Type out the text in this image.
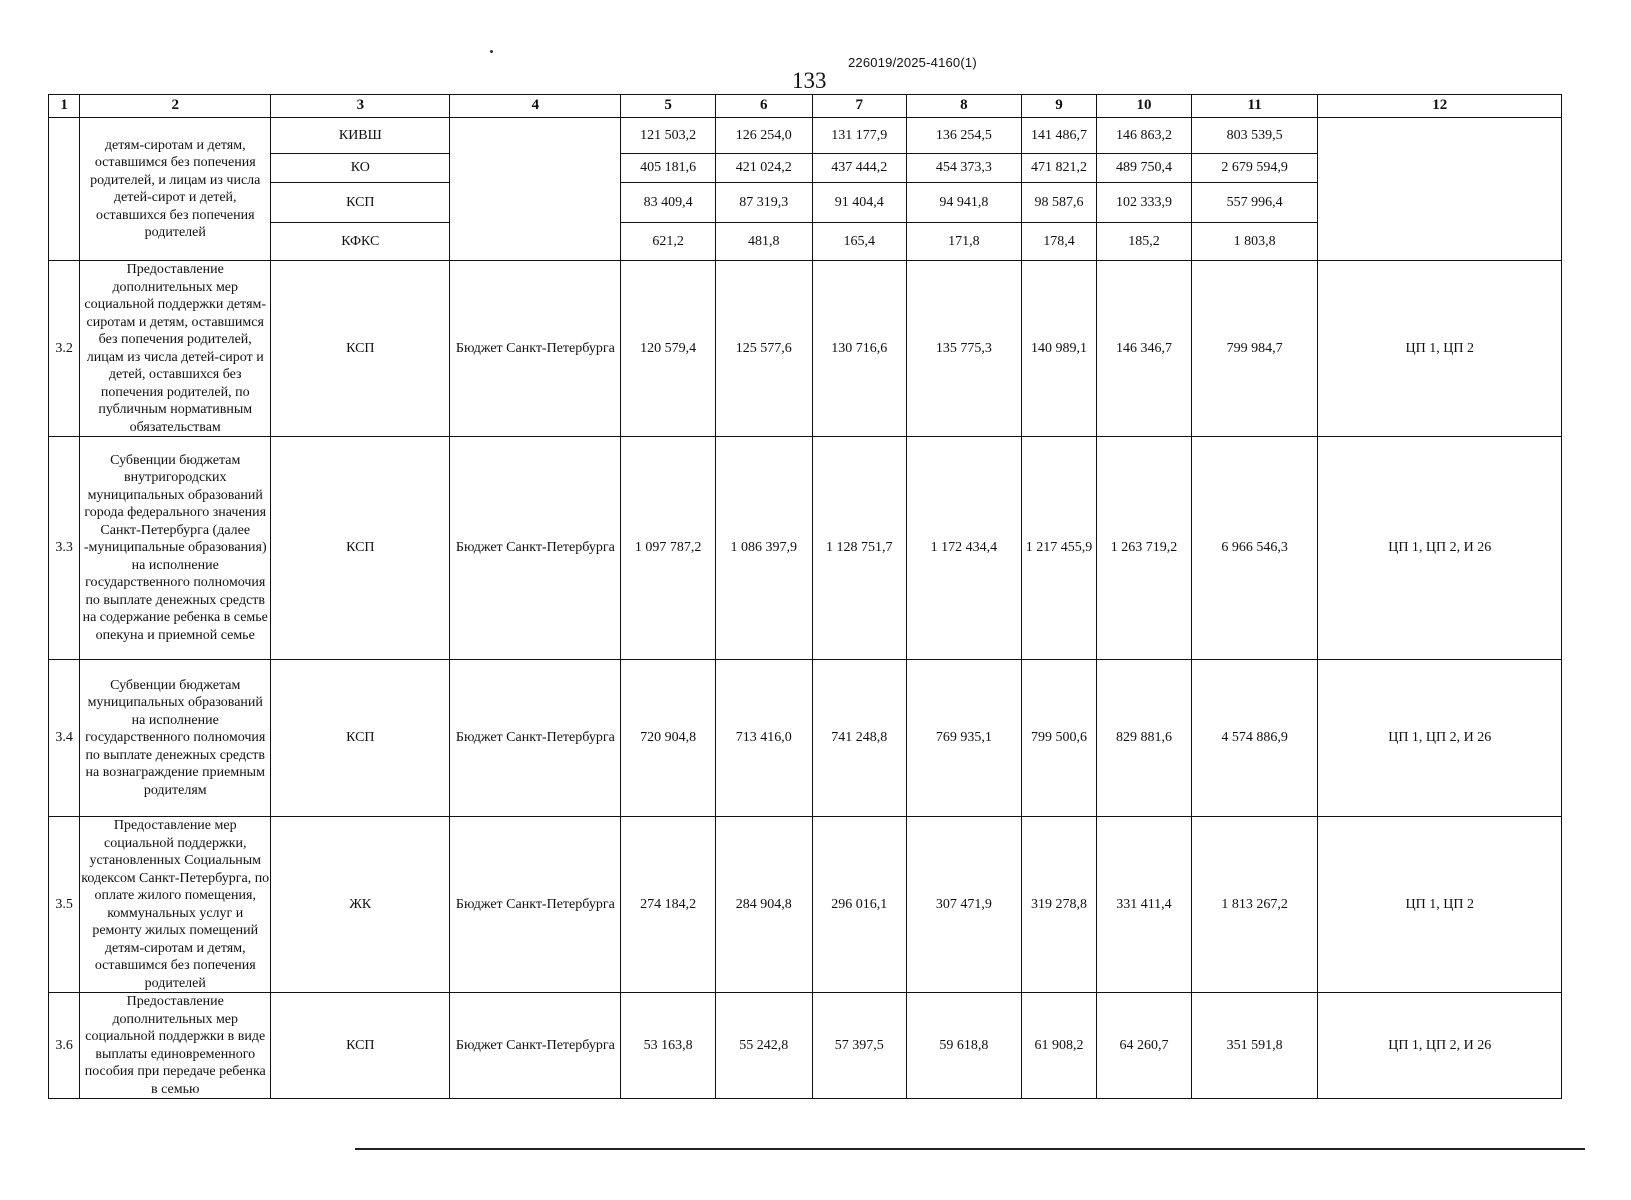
226019/2025-4160(1)
133
1	2	3	4	5	6	7	8	9	10	11	12
	детям-сиротам и детям, оставшимся без попечения родителей, и лицам из числа детей-сирот и детей, оставшихся без попечения родителей	КИВШ		121 503,2	126 254,0	131 177,9	136 254,5	141 486,7	146 863,2	803 539,5	
		КО		405 181,6	421 024,2	437 444,2	454 373,3	471 821,2	489 750,4	2 679 594,9	
		КСП		83 409,4	87 319,3	91 404,4	94 941,8	98 587,6	102 333,9	557 996,4	
		КФКС		621,2	481,8	165,4	171,8	178,4	185,2	1 803,8	
3.2	Предоставление дополнительных мер социальной поддержки детям-сиротам и детям, оставшимся без попечения родителей, лицам из числа детей-сирот и детей, оставшихся без попечения родителей, по публичным нормативным обязательствам	КСП	Бюджет Санкт-Петербурга	120 579,4	125 577,6	130 716,6	135 775,3	140 989,1	146 346,7	799 984,7	ЦП 1, ЦП 2
3.3	Субвенции бюджетам внутригородских муниципальных образований города федерального значения Санкт-Петербурга (далее -муниципальные образования) на исполнение государственного полномочия по выплате денежных средств на содержание ребенка в семье опекуна и приемной семье	КСП	Бюджет Санкт-Петербурга	1 097 787,2	1 086 397,9	1 128 751,7	1 172 434,4	1 217 455,9	1 263 719,2	6 966 546,3	ЦП 1, ЦП 2, И 26
3.4	Субвенции бюджетам муниципальных образований на исполнение государственного полномочия по выплате денежных средств на вознаграждение приемным родителям	КСП	Бюджет Санкт-Петербурга	720 904,8	713 416,0	741 248,8	769 935,1	799 500,6	829 881,6	4 574 886,9	ЦП 1, ЦП 2, И 26
3.5	Предоставление мер социальной поддержки, установленных Социальным кодексом Санкт-Петербурга, по оплате жилого помещения, коммунальных услуг и ремонту жилых помещений детям-сиротам и детям, оставшимся без попечения родителей	ЖК	Бюджет Санкт-Петербурга	274 184,2	284 904,8	296 016,1	307 471,9	319 278,8	331 411,4	1 813 267,2	ЦП 1, ЦП 2
3.6	Предоставление дополнительных мер социальной поддержки в виде выплаты единовременного пособия при передаче ребенка в семью	КСП	Бюджет Санкт-Петербурга	53 163,8	55 242,8	57 397,5	59 618,8	61 908,2	64 260,7	351 591,8	ЦП 1, ЦП 2, И 26
